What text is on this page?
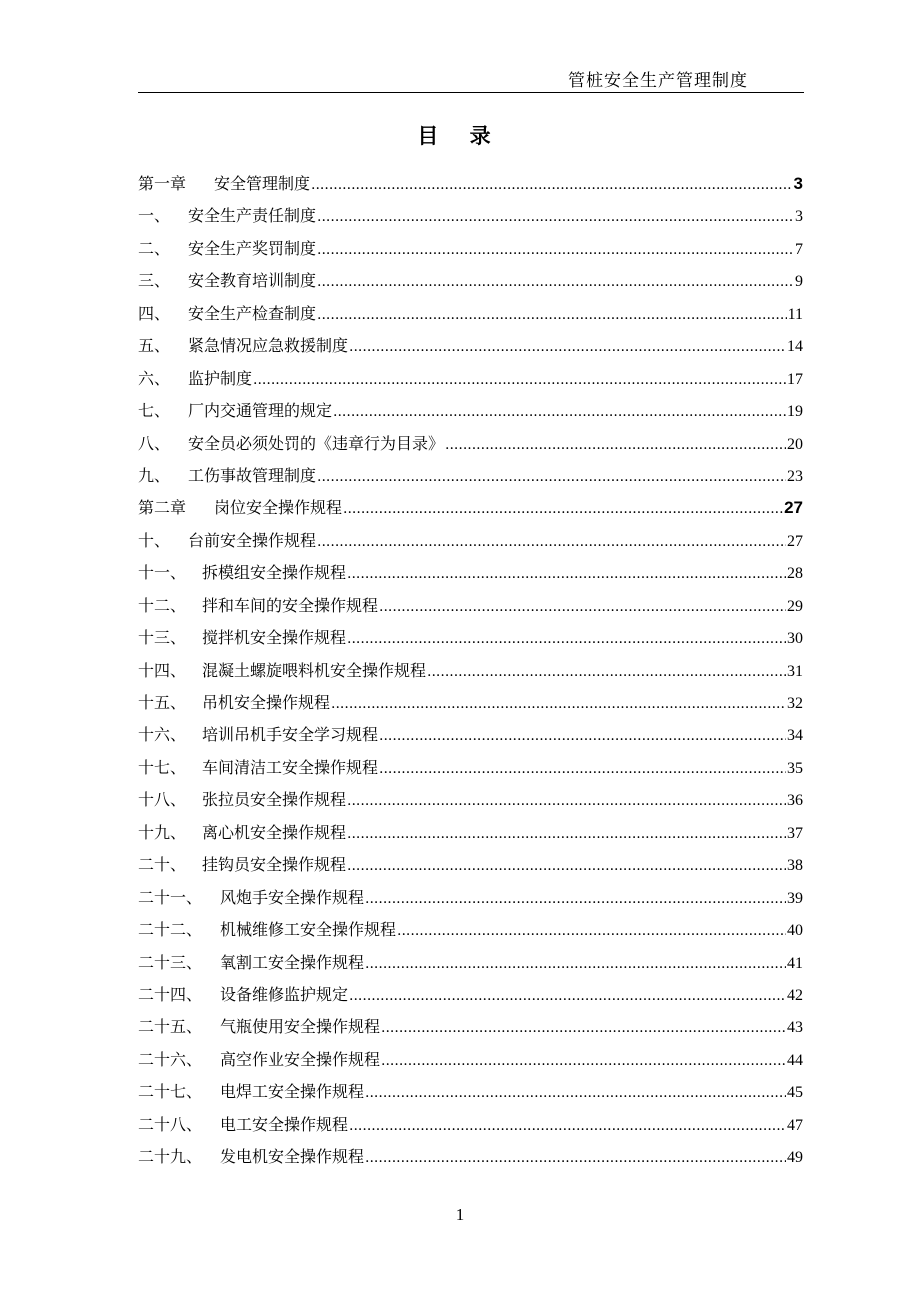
管桩安全生产管理制度
目 录
第一章	安全管理制度 .....	3
一、	安全生产责任制度 .....	3
二、	安全生产奖罚制度 .....	7
三、	安全教育培训制度 .....	9
四、	安全生产检查制度 .....	11
五、	紧急情况应急救援制度 .....	14
六、	监护制度 .....	17
七、	厂内交通管理的规定 .....	19
八、	安全员必须处罚的《违章行为目录》 .....	20
九、	工伤事故管理制度 .....	23
第二章	岗位安全操作规程 .....	27
十、	台前安全操作规程 .....	27
十一、 拆模组安全操作规程 .....	28
十二、 拌和车间的安全操作规程 .....	29
十三、 搅拌机安全操作规程 .....	30
十四、 混凝土螺旋喂料机安全操作规程 .....	31
十五、 吊机安全操作规程 .....	32
十六、 培训吊机手安全学习规程 .....	34
十七、 车间清洁工安全操作规程 .....	35
十八、 张拉员安全操作规程 .....	36
十九、 离心机安全操作规程 .....	37
二十、 挂钩员安全操作规程 .....	38
二十一、	风炮手安全操作规程 .....	39
二十二、	机械维修工安全操作规程 .....	40
二十三、	氧割工安全操作规程 .....	41
二十四、	设备维修监护规定 .....	42
二十五、	气瓶使用安全操作规程 .....	43
二十六、	高空作业安全操作规程 .....	44
二十七、	电焊工安全操作规程 .....	45
二十八、	电工安全操作规程 .....	47
二十九、	发电机安全操作规程 .....	49
1
